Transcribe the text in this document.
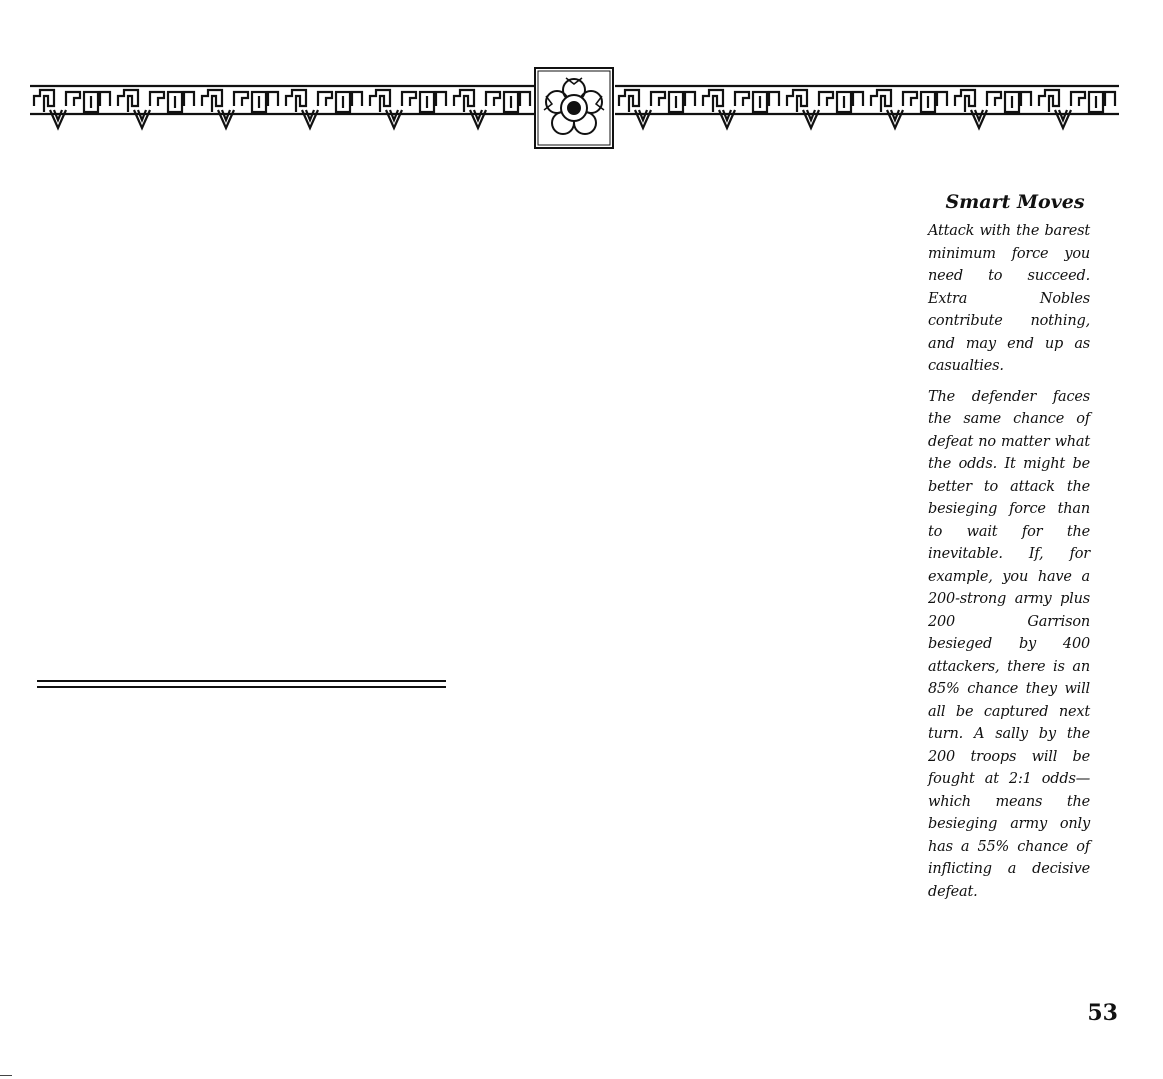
Smart Moves

Attack with the barest minimum force you need to succeed. Extra Nobles contribute nothing, and may end up as casualties.

The defender faces the same chance of defeat no matter what the odds. It might be better to attack the besieging force than to wait for the inevitable. If, for example, you have a 200-strong army plus 200 Garrison besieged by 400 attackers, there is an 85% chance they will all be captured next turn. A sally by the 200 troops will be fought at 2:1 odds—which means the besieging army only has a 55% chance of inflicting a decisive defeat.

53
